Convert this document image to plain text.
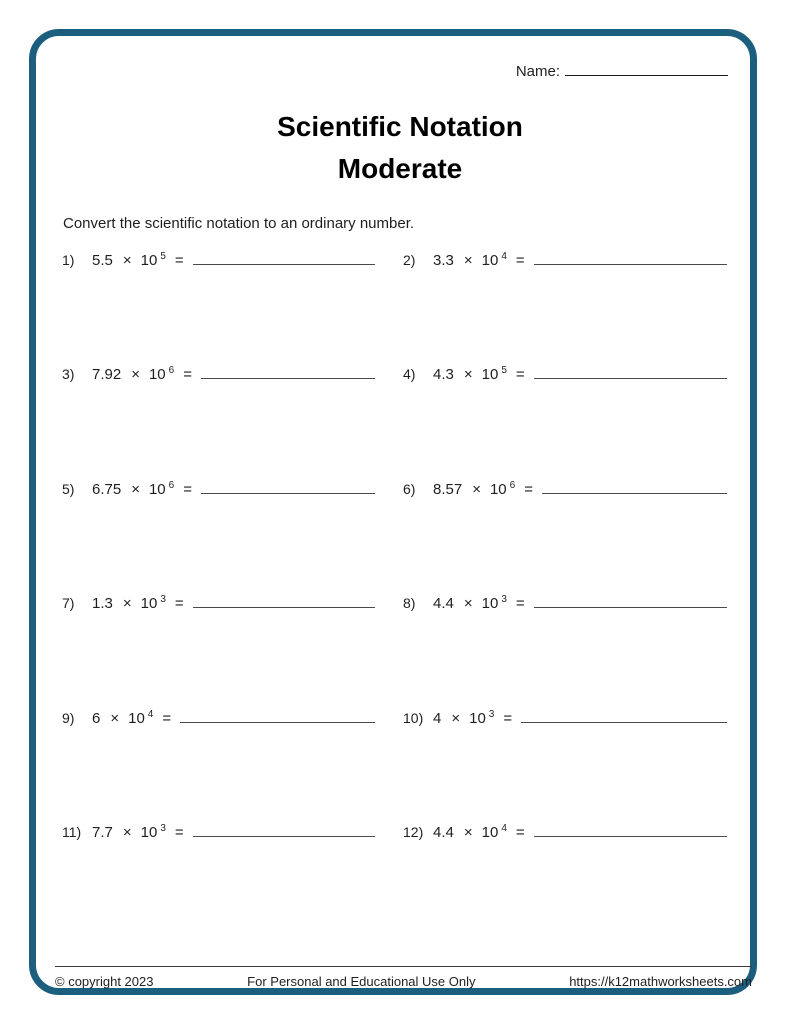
Name:
Scientific Notation
Moderate
Convert the scientific notation to an ordinary number.
1)	5.5 × 10 5 =	2)	3.3 × 10 4 =
3)	7.92 × 10 6 =	4)	4.3 × 10 5 =
5)	6.75 × 10 6 =	6)	8.57 × 10 6 =
7)	1.3 × 10 3 =	8)	4.4 × 10 3 =
9)	6 × 10 4 =	10) 4 × 10 3 =
11) 7.7 × 10 3 =	12) 4.4 × 10 4 =
© copyright 2023	For Personal and Educational Use Only	https://k12mathworksheets.com
